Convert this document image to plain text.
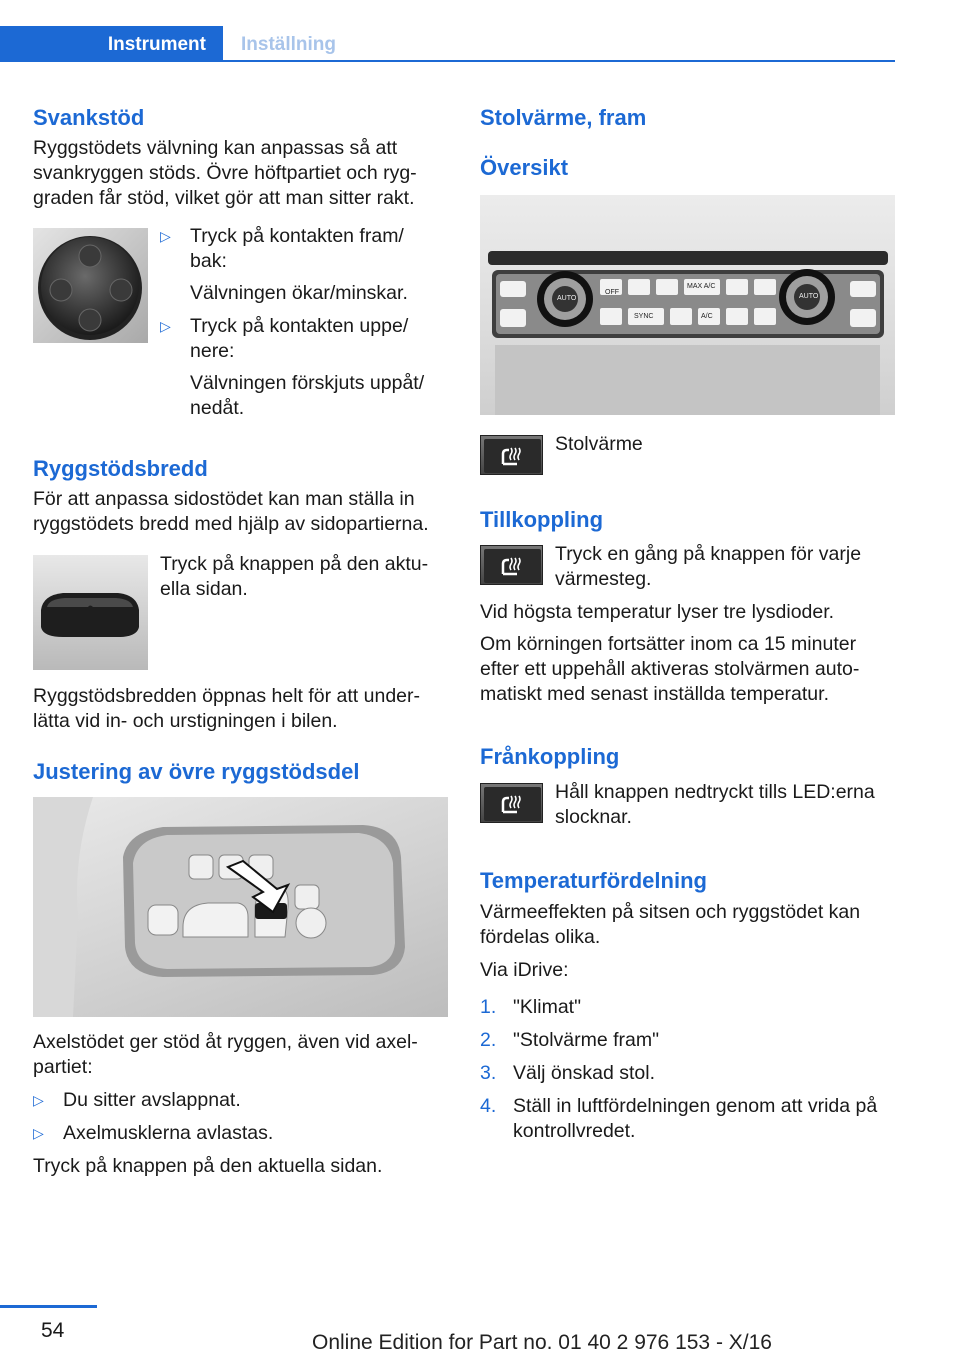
Instrument	Inställning
Svankstöd

Ryggstödets välvning kan anpassas så att svankryggen stöds. Övre höftpartiet och ryg-graden får stöd, vilket gör att man sitter rakt.

▷ Tryck på kontakten fram/ bak:

Välvningen ökar/minskar.

▷ Tryck på kontakten uppe/ nere:

Välvningen förskjuts uppåt/ nedåt.

Ryggstödsbredd

För att anpassa sidostödet kan man ställa in ryggstödets bredd med hjälp av sidopartierna.

Tryck på knappen på den aktu-ella sidan.

Ryggstödsbredden öppnas helt för att under-lätta vid in- och urstigningen i bilen.

Justering av övre ryggstödsdel

Axelstödet ger stöd åt ryggen, även vid axel-partiet:

▷ Du sitter avslappnat.
▷ Axelmusklerna avlastas.

Tryck på knappen på den aktuella sidan.

Stolvärme, fram
Översikt
AUTO
OFF
MAX A/C
AUTO
SYNC	A/C

Stolvärme

Tillkoppling

Tryck en gång på knappen för varje värmesteg.

Vid högsta temperatur lyser tre lysdioder.

Om körningen fortsätter inom ca 15 minuter efter ett uppehåll aktiveras stolvärmen auto-matiskt med senast inställda temperatur.

Frånkoppling

Håll knappen nedtryckt tills LED:erna slocknar.

Temperaturfördelning

Värmeeffekten på sitsen och ryggstödet kan fördelas olika.

Via iDrive:

1. "Klimat"
2. "Stolvärme fram"
3. Välj önskad stol.
4. Ställ in luftfördelningen genom att vrida på kontrollvredet.
54
Online Edition for Part no. 01 40 2 976 153 - X/16
